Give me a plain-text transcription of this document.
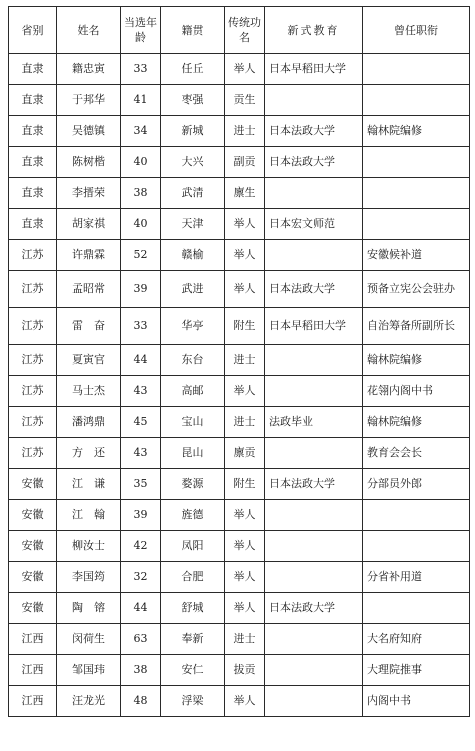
省别	姓名	当选年龄	籍贯	传统功名	新式教育	曾任职衔
直隶	籍忠寅	33	任丘	举人	日本早稻田大学	
直隶	于邦华	41	枣强	贡生		
直隶	吴德镇	34	新城	进士	日本法政大学	翰林院编修
直隶	陈树楷	40	大兴	副贡	日本法政大学	
直隶	李搢荣	38	武清	廪生		
直隶	胡家祺	40	天津	举人	日本宏文师范	
江苏	许鼎霖	52	赣榆	举人		安徽候补道
江苏	孟昭常	39	武进	举人	日本法政大学	预备立宪公会驻办
江苏	雷　奋	33	华亭	附生	日本早稻田大学	自治筹备所副所长
江苏	夏寅官	44	东台	进士		翰林院编修
江苏	马士杰	43	高邮	举人		花翎内阁中书
江苏	潘鸿鼎	45	宝山	进士	法政毕业	翰林院编修
江苏	方　还	43	昆山	廪贡		教育会会长
安徽	江　谦	35	婺源	附生	日本法政大学	分部员外郎
安徽	江　翰	39	旌德	举人		
安徽	柳汝士	42	凤阳	举人		
安徽	李国筠	32	合肥	举人		分省补用道
安徽	陶　镕	44	舒城	举人	日本法政大学	
江西	闵荷生	63	奉新	进士		大名府知府
江西	邹国玮	38	安仁	拔贡		大理院推事
江西	汪龙光	48	浮梁	举人		内阁中书
